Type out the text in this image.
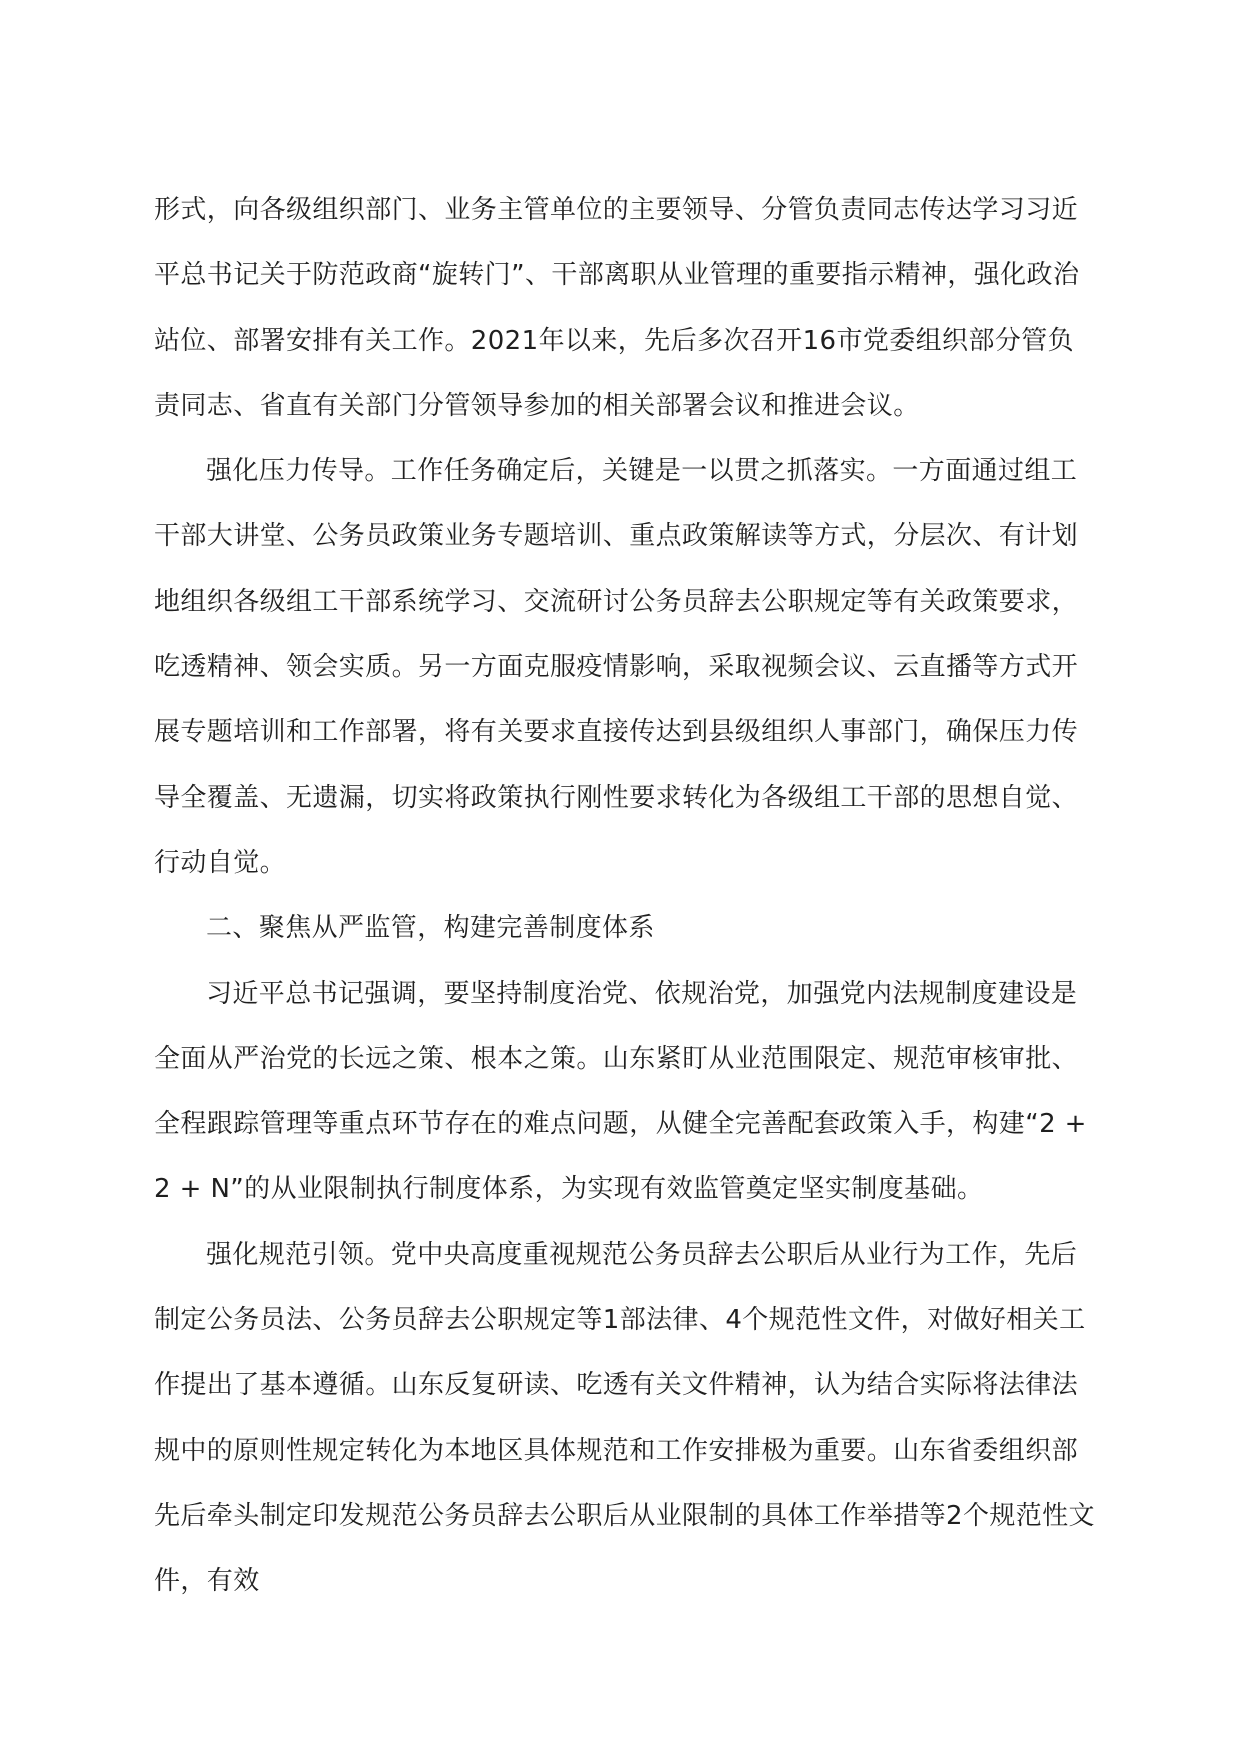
形式，向各级组织部门、业务主管单位的主要领导、分管负责同志传达学习习近平总书记关于防范政商“旋转门”、干部离职从业管理的重要指示精神，强化政治站位、部署安排有关工作。2021年以来，先后多次召开16市党委组织部分管负责同志、省直有关部门分管领导参加的相关部署会议和推进会议。

强化压力传导。工作任务确定后，关键是一以贯之抓落实。一方面通过组工干部大讲堂、公务员政策业务专题培训、重点政策解读等方式，分层次、有计划地组织各级组工干部系统学习、交流研讨公务员辞去公职规定等有关政策要求，吃透精神、领会实质。另一方面克服疫情影响，采取视频会议、云直播等方式开展专题培训和工作部署，将有关要求直接传达到县级组织人事部门，确保压力传导全覆盖、无遗漏，切实将政策执行刚性要求转化为各级组工干部的思想自觉、行动自觉。

二、聚焦从严监管，构建完善制度体系

习近平总书记强调，要坚持制度治党、依规治党，加强党内法规制度建设是全面从严治党的长远之策、根本之策。山东紧盯从业范围限定、规范审核审批、全程跟踪管理等重点环节存在的难点问题，从健全完善配套政策入手，构建“2 + 2 + N”的从业限制执行制度体系，为实现有效监管奠定坚实制度基础。

强化规范引领。党中央高度重视规范公务员辞去公职后从业行为工作，先后制定公务员法、公务员辞去公职规定等1部法律、4个规范性文件，对做好相关工作提出了基本遵循。山东反复研读、吃透有关文件精神，认为结合实际将法律法规中的原则性规定转化为本地区具体规范和工作安排极为重要。山东省委组织部先后牵头制定印发规范公务员辞去公职后从业限制的具体工作举措等2个规范性文件，有效
